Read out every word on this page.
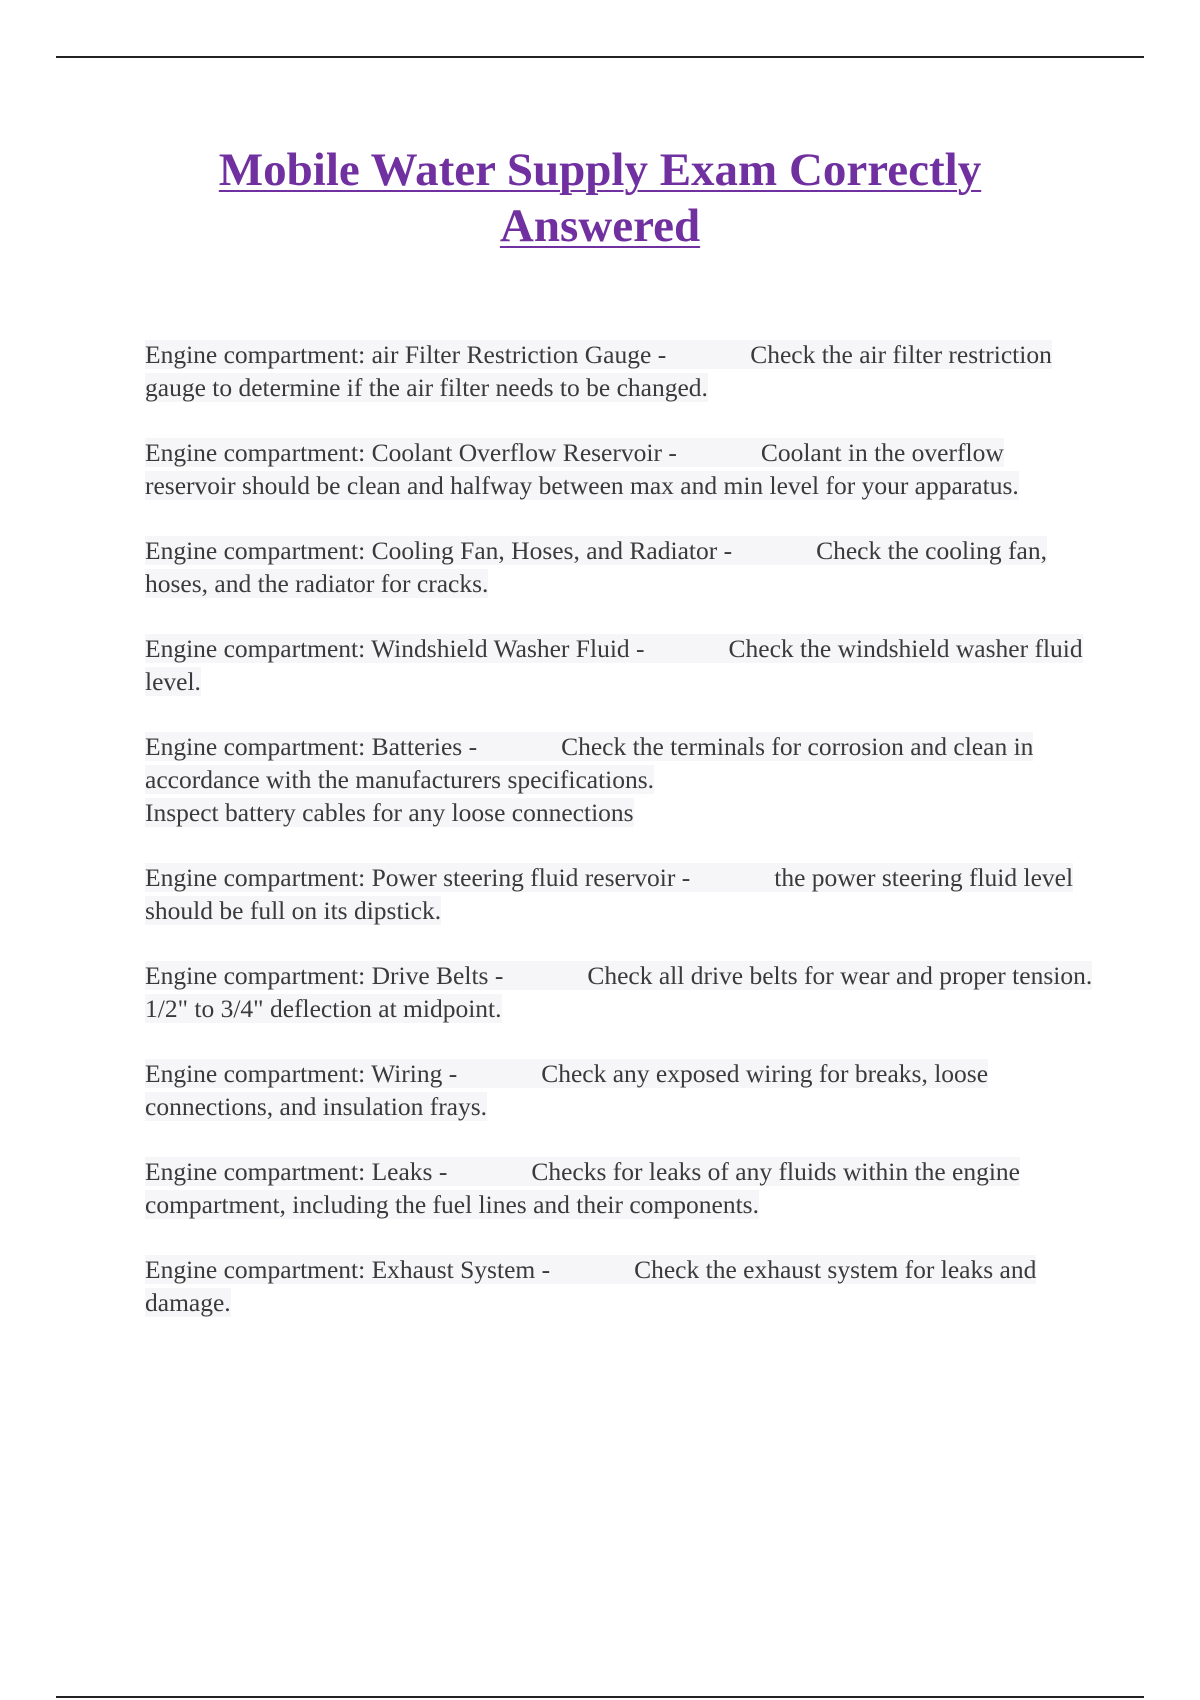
Mobile Water Supply Exam Correctly Answered

Engine compartment: air Filter Restriction Gauge -	Check the air filter restriction gauge to determine if the air filter needs to be changed.

Engine compartment: Coolant Overflow Reservoir -	Coolant in the overflow reservoir should be clean and halfway between max and min level for your apparatus.

Engine compartment: Cooling Fan, Hoses, and Radiator -	Check the cooling fan, hoses, and the radiator for cracks.

Engine compartment: Windshield Washer Fluid -	Check the windshield washer fluid level.

Engine compartment: Batteries -	Check the terminals for corrosion and clean in accordance with the manufacturers specifications.
Inspect battery cables for any loose connections

Engine compartment: Power steering fluid reservoir -	the power steering fluid level should be full on its dipstick.

Engine compartment: Drive Belts -	Check all drive belts for wear and proper tension. 1/2" to 3/4" deflection at midpoint.

Engine compartment: Wiring -	Check any exposed wiring for breaks, loose connections, and insulation frays.

Engine compartment: Leaks -	Checks for leaks of any fluids within the engine compartment, including the fuel lines and their components.

Engine compartment: Exhaust System -	Check the exhaust system for leaks and damage.
